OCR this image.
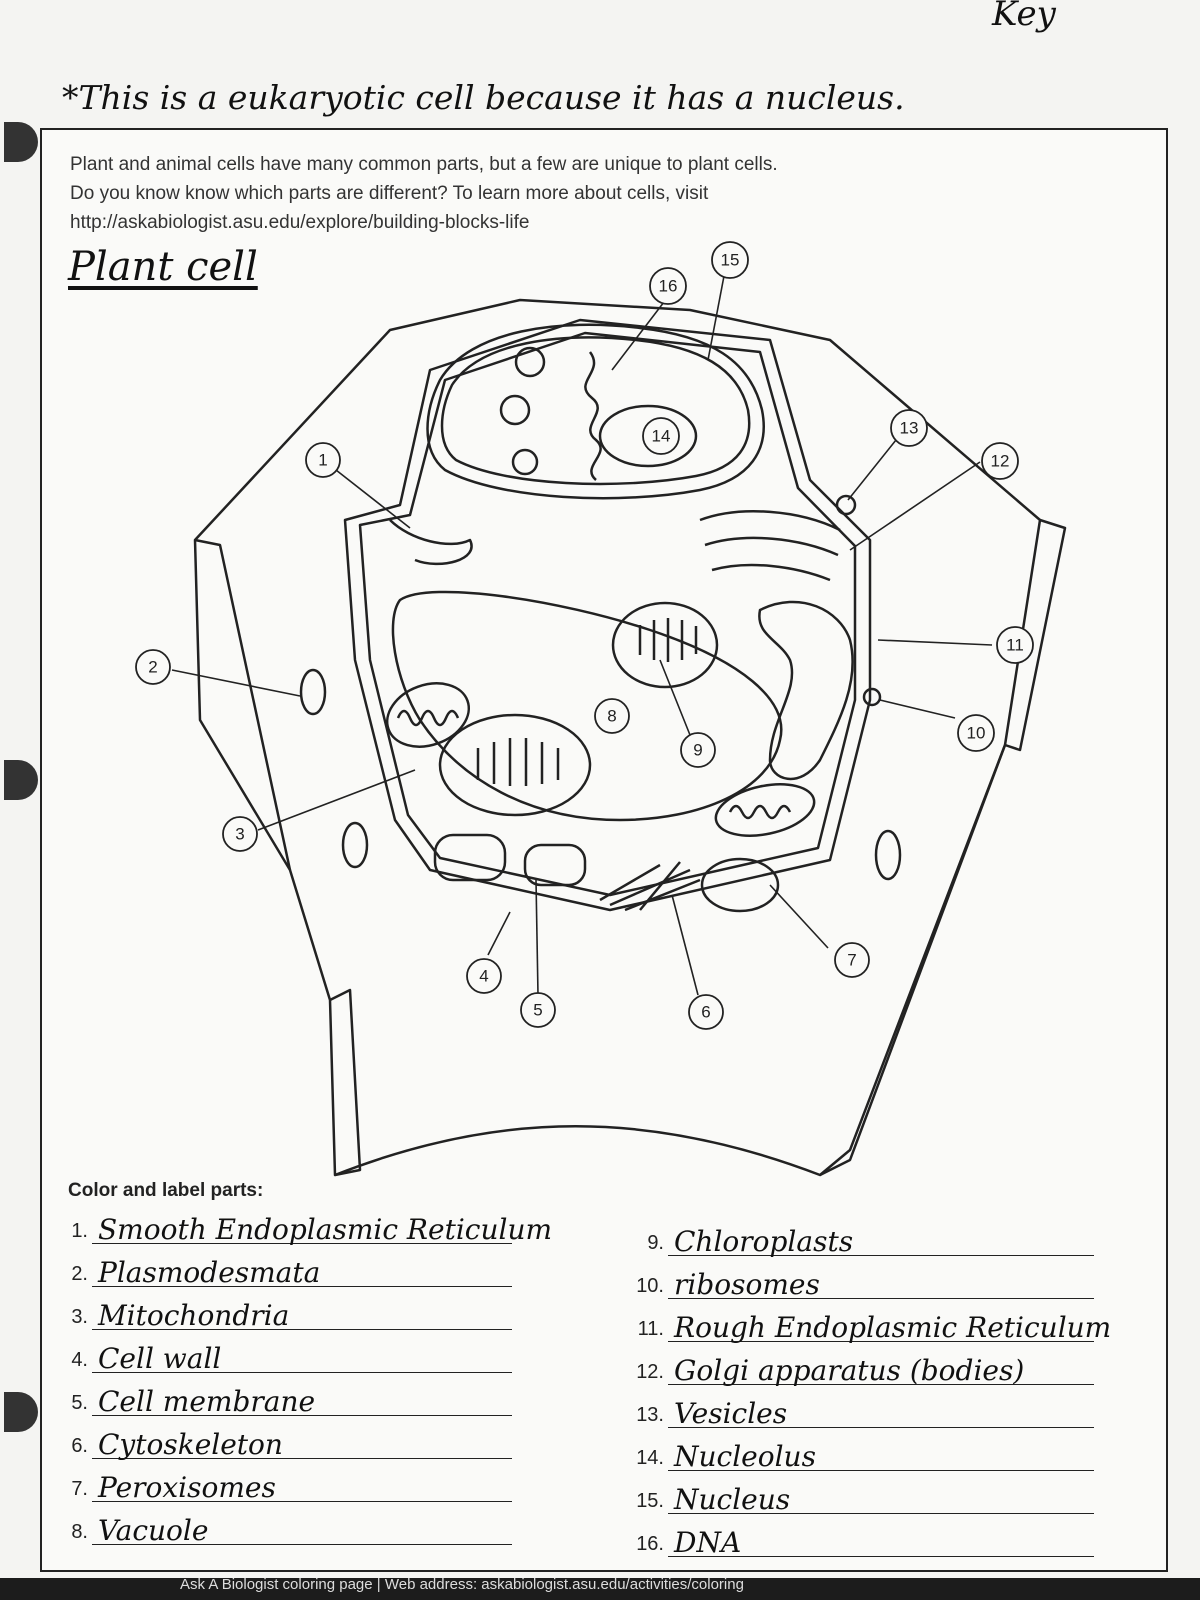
Key
*This is a eukaryotic cell because it has a nucleus.
Plant and animal cells have many common parts, but a few are unique to plant cells.
Do you know know which parts are different? To learn more about cells, visit
http://askabiologist.asu.edu/explore/building-blocks-life
Plant cell
1
2
3
4
5	6
7
8
9
10
11
12
13
14
15
16
Color and label parts:
1. Smooth Endoplasmic Reticulum
2. Plasmodesmata
3. Mitochondria
4. Cell wall
5. Cell membrane
6. Cytoskeleton
7. Peroxisomes
8. Vacuole
9. Chloroplasts
10. ribosomes
11. Rough Endoplasmic Reticulum
12. Golgi apparatus (bodies)
13. Vesicles
14. Nucleolus
15. Nucleus
16. DNA
Ask A Biologist coloring page | Web address: askabiologist.asu.edu/activities/coloring
